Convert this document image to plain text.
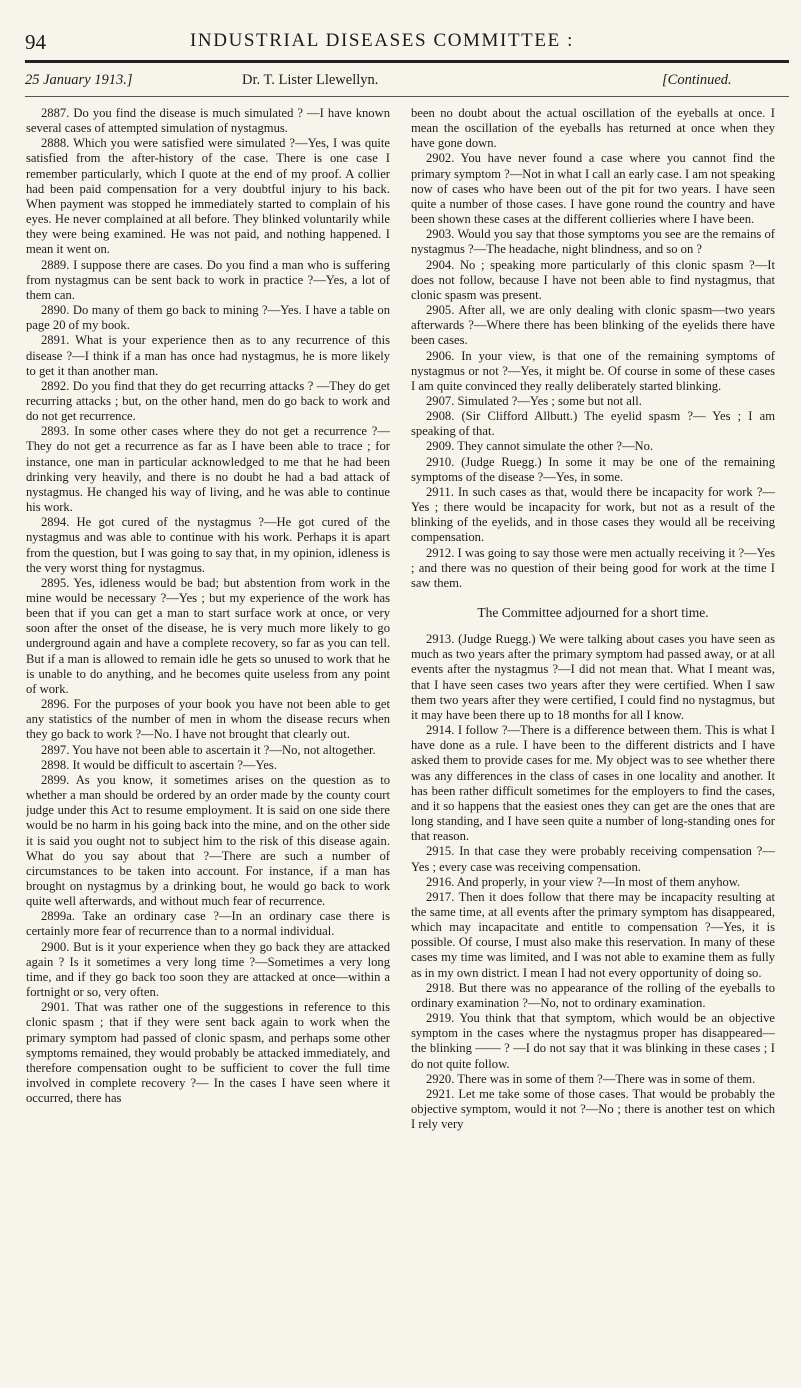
94	INDUSTRIAL DISEASES COMMITTEE :
25 January 1913.]	Dr. T. Lister Llewellyn.	[Continued.

2887. Do you find the disease is much simulated ? —I have known several cases of attempted simulation of nystagmus.

2888. Which you were satisfied were simulated ?—Yes, I was quite satisfied from the after-history of the case. There is one case I remember particularly, which I quote at the end of my proof. A collier had been paid compensation for a very doubtful injury to his back. When payment was stopped he immediately started to complain of his eyes. He never complained at all before. They blinked voluntarily while they were being examined. He was not paid, and nothing happened. I mean it went on.

2889. I suppose there are cases. Do you find a man who is suffering from nystagmus can be sent back to work in practice ?—Yes, a lot of them can.

2890. Do many of them go back to mining ?—Yes. I have a table on page 20 of my book.

2891. What is your experience then as to any recurrence of this disease ?—I think if a man has once had nystagmus, he is more likely to get it than another man.

2892. Do you find that they do get recurring attacks ? —They do get recurring attacks ; but, on the other hand, men do go back to work and do not get recurrence.

2893. In some other cases where they do not get a recurrence ?—They do not get a recurrence as far as I have been able to trace ; for instance, one man in particular acknowledged to me that he had been drinking very heavily, and there is no doubt he had a bad attack of nystagmus. He changed his way of living, and he was able to continue his work.

2894. He got cured of the nystagmus ?—He got cured of the nystagmus and was able to continue with his work. Perhaps it is apart from the question, but I was going to say that, in my opinion, idleness is the very worst thing for nystagmus.

2895. Yes, idleness would be bad; but abstention from work in the mine would be necessary ?—Yes ; but my experience of the work has been that if you can get a man to start surface work at once, or very soon after the onset of the disease, he is very much more likely to go underground again and have a complete recovery, so far as you can tell. But if a man is allowed to remain idle he gets so unused to work that he is unable to do anything, and he becomes quite useless from any point of work.

2896. For the purposes of your book you have not been able to get any statistics of the number of men in whom the disease recurs when they go back to work ?—No. I have not brought that clearly out.

2897. You have not been able to ascertain it ?—No, not altogether.

2898. It would be difficult to ascertain ?—Yes.

2899. As you know, it sometimes arises on the question as to whether a man should be ordered by an order made by the county court judge under this Act to resume employment. It is said on one side there would be no harm in his going back into the mine, and on the other side it is said you ought not to subject him to the risk of this disease again. What do you say about that ?—There are such a number of circumstances to be taken into account. For instance, if a man has brought on nystagmus by a drinking bout, he would go back to work quite well afterwards, and without much fear of recurrence.

2899a. Take an ordinary case ?—In an ordinary case there is certainly more fear of recurrence than to a normal individual.

2900. But is it your experience when they go back they are attacked again ? Is it sometimes a very long time ?—Sometimes a very long time, and if they go back too soon they are attacked at once—within a fortnight or so, very often.

2901. That was rather one of the suggestions in reference to this clonic spasm ; that if they were sent back again to work when the primary symptom had passed of clonic spasm, and perhaps some other symptoms remained, they would probably be attacked immediately, and therefore compensation ought to be sufficient to cover the full time involved in complete recovery ?— In the cases I have seen where it occurred, there has

been no doubt about the actual oscillation of the eyeballs at once. I mean the oscillation of the eyeballs has returned at once when they have gone down.

2902. You have never found a case where you cannot find the primary symptom ?—Not in what I call an early case. I am not speaking now of cases who have been out of the pit for two years. I have seen quite a number of those cases. I have gone round the country and have been shown these cases at the different collieries where I have been.

2903. Would you say that those symptoms you see are the remains of nystagmus ?—The headache, night blindness, and so on ?

2904. No ; speaking more particularly of this clonic spasm ?—It does not follow, because I have not been able to find nystagmus, that clonic spasm was present.

2905. After all, we are only dealing with clonic spasm—two years afterwards ?—Where there has been blinking of the eyelids there have been cases.

2906. In your view, is that one of the remaining symptoms of nystagmus or not ?—Yes, it might be. Of course in some of these cases I am quite convinced they really deliberately started blinking.

2907. Simulated ?—Yes ; some but not all.

2908. (Sir Clifford Allbutt.) The eyelid spasm ?— Yes ; I am speaking of that.

2909. They cannot simulate the other ?—No.

2910. (Judge Ruegg.) In some it may be one of the remaining symptoms of the disease ?—Yes, in some.

2911. In such cases as that, would there be incapacity for work ?—Yes ; there would be incapacity for work, but not as a result of the blinking of the eyelids, and in those cases they would all be receiving compensation.

2912. I was going to say those were men actually receiving it ?—Yes ; and there was no question of their being good for work at the time I saw them.

The Committee adjourned for a short time.

2913. (Judge Ruegg.) We were talking about cases you have seen as much as two years after the primary symptom had passed away, or at all events after the nystagmus ?—I did not mean that. What I meant was, that I have seen cases two years after they were certified. When I saw them two years after they were certified, I could find no nystagmus, but it may have been there up to 18 months for all I know.

2914. I follow ?—There is a difference between them. This is what I have done as a rule. I have been to the different districts and I have asked them to provide cases for me. My object was to see whether there was any differences in the class of cases in one locality and another. It has been rather difficult sometimes for the employers to find the cases, and it so happens that the easiest ones they can get are the ones that are long standing, and I have seen quite a number of long-standing ones for that reason.

2915. In that case they were probably receiving compensation ?—Yes ; every case was receiving compensation.

2916. And properly, in your view ?—In most of them anyhow.

2917. Then it does follow that there may be incapacity resulting at the same time, at all events after the primary symptom has disappeared, which may incapacitate and entitle to compensation ?—Yes, it is possible. Of course, I must also make this reservation. In many of these cases my time was limited, and I was not able to examine them as fully as in my own district. I mean I had not every opportunity of doing so.

2918. But there was no appearance of the rolling of the eyeballs to ordinary examination ?—No, not to ordinary examination.

2919. You think that that symptom, which would be an objective symptom in the cases where the nystagmus proper has disappeared—the blinking —— ? —I do not say that it was blinking in these cases ; I do not quite follow.

2920. There was in some of them ?—There was in some of them.

2921. Let me take some of those cases. That would be probably the objective symptom, would it not ?—No ; there is another test on which I rely very
